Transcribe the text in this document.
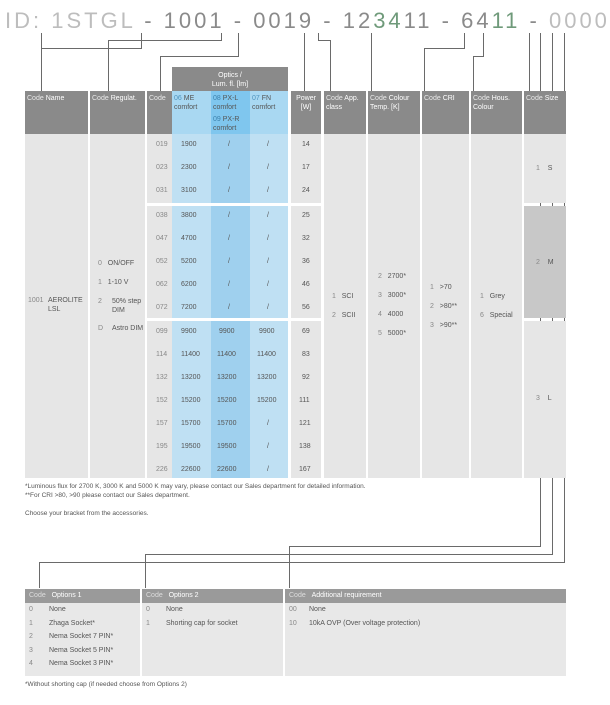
ID: 1STGL - 1001 - 0019 - 123411 - 6411 - 0000
Optics /
Lum. fl. [lm]
Code Name
1001 AEROLITE LSL
Code Regulat.
0 ON/OFF
1 1-10 V
2	50% step DIM
D	Astro DIM
Code	06 ME comfort
08 PX-L comfort
09 PX-R comfort
07 FN comfort
Power [W]
019 1900	/	/	14
023 2300	/	/	17
031 3100	/	/	24
038 3800	/	/	25
047 4700	/	/	32
052 5200	/	/	36
062 6200	/	/	46
072 7200	/	/	56
099 9900	9900	9900	69
114 11400 11400	11400	83
132 13200 13200	13200	92
152 15200 15200	15200	111
157 15700 15700	/	121
195 19500 19500	/	138
226 22600 22600	/	167
Code App. class
1 SCI
2 SCII
Code Colour Temp. [K]
2 2700*
3 3000*
4 4000
5 5000*
Code CRI
1 >70
2 >80**
3 >90**
Code Hous. Colour
1 Grey
6 Special
Code Size
1 S
2 M
3 L
*Luminous flux for 2700 K, 3000 K and 5000 K may vary, please contact our Sales department for detailed information.
**For CRI >80, >90 please contact our Sales department.
Choose your bracket from the accessories.
Code Options 1
0 None
1 Zhaga Socket*
2 Nema Socket 7 PIN*
3 Nema Socket 5 PIN*
4 Nema Socket 3 PIN*
Code Options 2
0 None
1 Shorting cap for socket
Code Additional requirement
00 None
10 10kA OVP (Over voltage protection)
*Without shorting cap (if needed choose from Options 2)
